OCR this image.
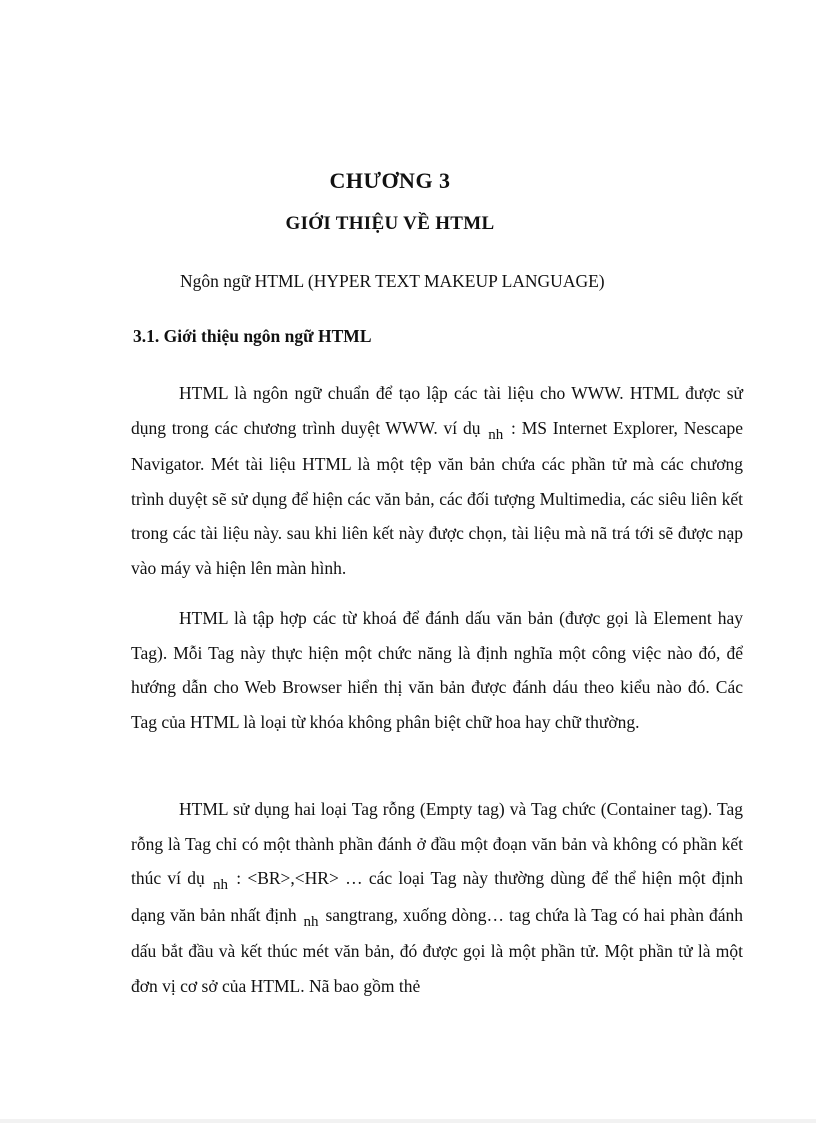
CHƯƠNG 3
GIỚI THIỆU VỀ HTML
Ngôn ngữ HTML (HYPER TEXT MAKEUP LANGUAGE)
3.1. Giới thiệu ngôn ngữ HTML

HTML là ngôn ngữ chuẩn để tạo lập các tài liệu cho WWW. HTML được sử dụng trong các chương trình duyệt WWW. ví dụ nh : MS Internet Explorer, Nescape Navigator. Mét tài liệu HTML là một tệp văn bản chứa các phần tử mà các chương trình duyệt sẽ sử dụng để hiện các văn bản, các đối tượng Multimedia, các siêu liên kết trong các tài liệu này. sau khi liên kết này được chọn, tài liệu mà nã trá tới sẽ được nạp vào máy và hiện lên màn hình.

HTML là tập hợp các từ khoá để đánh dấu văn bản (được gọi là Element hay Tag). Mỗi Tag này thực hiện một chức năng là định nghĩa một công việc nào đó, để hướng dẫn cho Web Browser hiển thị văn bản được đánh dáu theo kiểu nào đó. Các Tag của HTML là loại từ khóa không phân biệt chữ hoa hay chữ thường.

HTML sử dụng hai loại Tag rỗng (Empty tag) và Tag chức (Container tag). Tag rỗng là Tag chỉ có một thành phần đánh ở đầu một đoạn văn bản và không có phần kết thúc ví dụ nh : <BR>,<HR> … các loại Tag này thường dùng để thể hiện một định dạng văn bản nhất định nh sangtrang, xuống dòng… tag chứa là Tag có hai phàn đánh dấu bắt đầu và kết thúc mét văn bản, đó được gọi là một phần tử. Một phần tử là một đơn vị cơ sở của HTML. Nã bao gồm thẻ
